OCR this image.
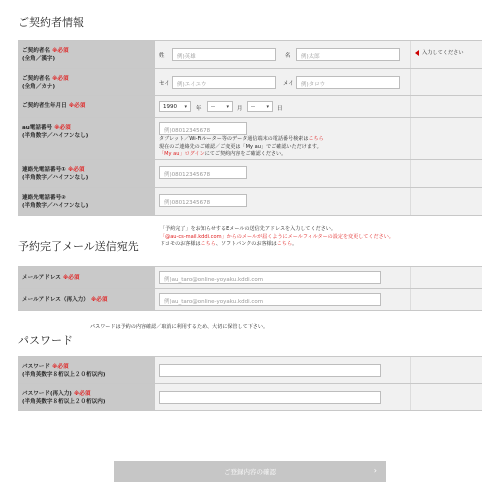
ご契約者情報
ご契約者名 ※必須
(全角／漢字)	姓	例)英雄	名	例)太郎
入力してください
ご契約者名 ※必須
(全角／カナ)	セイ	例)エイユウ	メイ	例)タロウ
ご契約者生年月日 ※必須	1990 ▾ 年	-- ▾ 月	-- ▾ 日
au電話番号 ※必須
(半角数字／ハイフンなし)
例)08012345678
タブレット／Wi-Fiルーター等のデータ通信端末の電話番号検索はこちら
現在のご連絡先のご確認／ご変更は「My au」でご確認いただけます。
「My au」ログインにてご契約内容をご確認ください。
連絡先電話番号① ※必須
(半角数字／ハイフンなし)	例)08012345678
連絡先電話番号②
(半角数字／ハイフンなし)	例)08012345678
予約完了メール送信宛先
「予約完了」をお知らせするEメールの送信先アドレスを入力してください。
「@au-cs-mail.kddi.com」からのメールが届くようにメールフィルターの設定を変更してください。
ドコモのお客様はこちら、ソフトバンクのお客様はこちら。
メールアドレス ※必須	例)au_taro@online-yoyaku.kddi.com
メールアドレス（再入力） ※必須	例)au_taro@online-yoyaku.kddi.com
パスワード
パスワードは予約の内容確認／取消に利用するため、大切に保管して下さい。
パスワード ※必須
(半角英数字８桁以上２０桁以内)
パスワード(再入力) ※必須
(半角英数字８桁以上２０桁以内)
ご登録内容の確認	›
